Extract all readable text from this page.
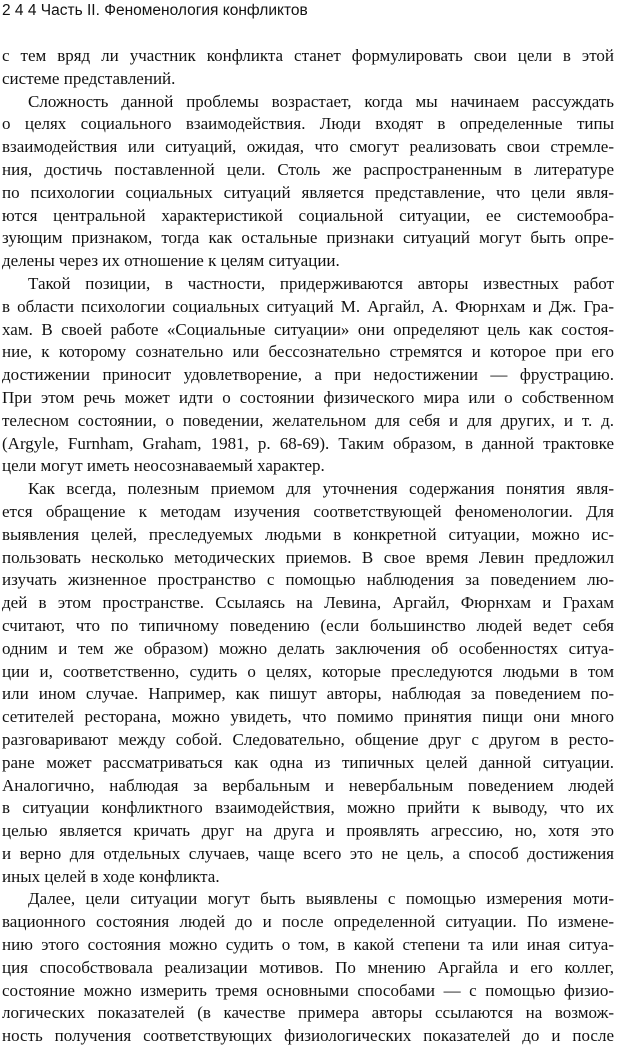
2 4 4 Часть II. Феноменология конфликтов
с тем вряд ли участник конфликта станет формулировать свои цели в этой
системе представлений.
Сложность данной проблемы возрастает, когда мы начинаем рассуждать
о целях социального взаимодействия. Люди входят в определенные типы
взаимодействия или ситуаций, ожидая, что смогут реализовать свои стремле-
ния, достичь поставленной цели. Столь же распространенным в литературе
по психологии социальных ситуаций является представление, что цели явля-
ются центральной характеристикой социальной ситуации, ее системообра-
зующим признаком, тогда как остальные признаки ситуаций могут быть опре-
делены через их отношение к целям ситуации.
Такой позиции, в частности, придерживаются авторы известных работ
в области психологии социальных ситуаций М. Аргайл, А. Фюрнхам и Дж. Гра-
хам. В своей работе «Социальные ситуации» они определяют цель как состоя-
ние, к которому сознательно или бессознательно стремятся и которое при его
достижении приносит удовлетворение, а при недостижении — фрустрацию.
При этом речь может идти о состоянии физического мира или о собственном
телесном состоянии, о поведении, желательном для себя и для других, и т. д.
(Argyle, Furnham, Graham, 1981, p. 68-69). Таким образом, в данной трактовке
цели могут иметь неосознаваемый характер.
Как всегда, полезным приемом для уточнения содержания понятия явля-
ется обращение к методам изучения соответствующей феноменологии. Для
выявления целей, преследуемых людьми в конкретной ситуации, можно ис-
пользовать несколько методических приемов. В свое время Левин предложил
изучать жизненное пространство с помощью наблюдения за поведением лю-
дей в этом пространстве. Ссылаясь на Левина, Аргайл, Фюрнхам и Грахам
считают, что по типичному поведению (если большинство людей ведет себя
одним и тем же образом) можно делать заключения об особенностях ситуа-
ции и, соответственно, судить о целях, которые преследуются людьми в том
или ином случае. Например, как пишут авторы, наблюдая за поведением по-
сетителей ресторана, можно увидеть, что помимо принятия пищи они много
разговаривают между собой. Следовательно, общение друг с другом в ресто-
ране может рассматриваться как одна из типичных целей данной ситуации.
Аналогично, наблюдая за вербальным и невербальным поведением людей
в ситуации конфликтного взаимодействия, можно прийти к выводу, что их
целью является кричать друг на друга и проявлять агрессию, но, хотя это
и верно для отдельных случаев, чаще всего это не цель, а способ достижения
иных целей в ходе конфликта.
Далее, цели ситуации могут быть выявлены с помощью измерения моти-
вационного состояния людей до и после определенной ситуации. По измене-
нию этого состояния можно судить о том, в какой степени та или иная ситуа-
ция способствовала реализации мотивов. По мнению Аргайла и его коллег,
состояние можно измерить тремя основными способами — с помощью физио-
логических показателей (в качестве примера авторы ссылаются на возмож-
ность получения соответствующих физиологических показателей до и после
